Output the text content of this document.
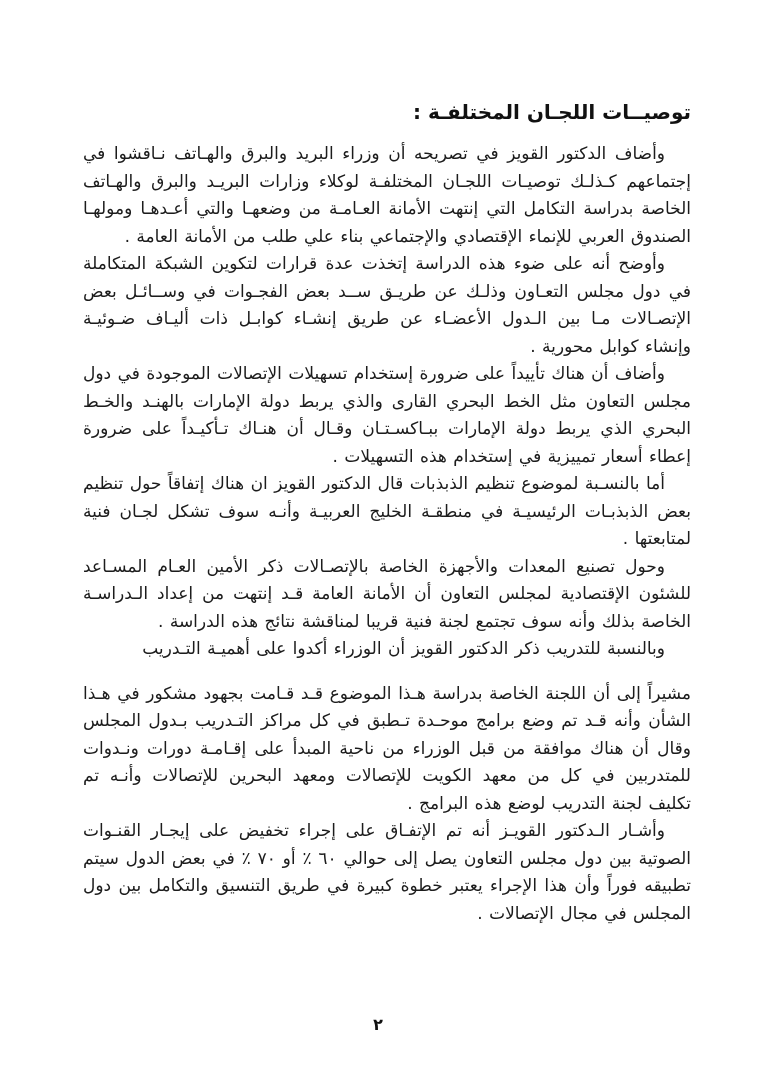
توصيــات اللجـان المختلفـة :

وأضاف الدكتور القويز في تصريحه أن وزراء البريد والبرق والهـاتف نـاقشوا في إجتماعهم كـذلـك توصيـات اللجـان المختلفـة لوكلاء وزارات البريـد والبرق والهـاتف الخاصة بدراسة التكامل التي إنتهت الأمانة العـامـة من وضعهـا والتي أعـدهـا ومولهـا الصندوق العربي للإنماء الإقتصادي والإجتماعي بناء علي طلب من الأمانة العامة .

وأوضح أنه على ضوء هذه الدراسة إتخذت عدة قرارات لتكوين الشبكة المتكاملة في دول مجلس التعـاون وذلـك عن طريـق ســد بعض الفجـوات في وســائـل بعض الإتصـالات مـا بين الـدول الأعضـاء عن طريق إنشـاء كوابـل ذات أليـاف ضـوئيـة وإنشاء كوابل محورية .

وأضاف أن هناك تأييداً على ضرورة إستخدام تسهيلات الإتصالات الموجودة في دول مجلس التعاون مثل الخط البحري القارى والذي يربط دولة الإمارات بالهنـد والخـط البحري الذي يربط دولة الإمارات ببـاكسـتـان وقـال أن هنـاك تـأكيـداً على ضرورة إعطاء أسعار تمييزية في إستخدام هذه التسهيلات .

أما بالنسـبة لموضوع تنظيم الذبذبات قال الدكتور القويز ان هناك إتفاقاً حول تنظيم بعض الذبذبـات الرئيسيـة في منطقـة الخليج العربيـة وأنـه سوف تشكل لجـان فنية لمتابعتها .

وحول تصنيع المعدات والأجهزة الخاصة بالإتصـالات ذكر الأمين العـام المسـاعد للشئون الإقتصادية لمجلس التعاون أن الأمانة العامة قـد إنتهت من إعداد الـدراسـة الخاصة بذلك وأنه سوف تجتمع لجنة فنية قريبا لمناقشة نتائج هذه الدراسة .

وبالنسبة للتدريب ذكر الدكتور القويز أن الوزراء أكدوا على أهميـة التـدريب

مشيراً إلى أن اللجنة الخاصة بدراسة هـذا الموضوع قـد قـامت بجهود مشكور في هـذا الشأن وأنه قـد تم وضع برامج موحـدة تـطبق في كل مراكز التـدريب بـدول المجلس وقال أن هناك موافقة من قبل الوزراء من ناحية المبدأ على إقـامـة دورات ونـدوات للمتدربين في كل من معهد الكويت للإتصالات ومعهد البحرين للإتصالات وأنـه تم تكليف لجنة التدريب لوضع هذه البرامج .

وأشـار الـدكتور القويـز أنه تم الإتفـاق على إجراء تخفيض على إيجـار القنـوات الصوتية بين دول مجلس التعاون يصل إلى حوالي ٦٠ ٪ أو ٧٠ ٪ في بعض الدول سيتم تطبيقه فوراً وأن هذا الإجراء يعتبر خطوة كبيرة في طريق التنسيق والتكامل بين دول المجلس في مجال الإتصالات .

٢
